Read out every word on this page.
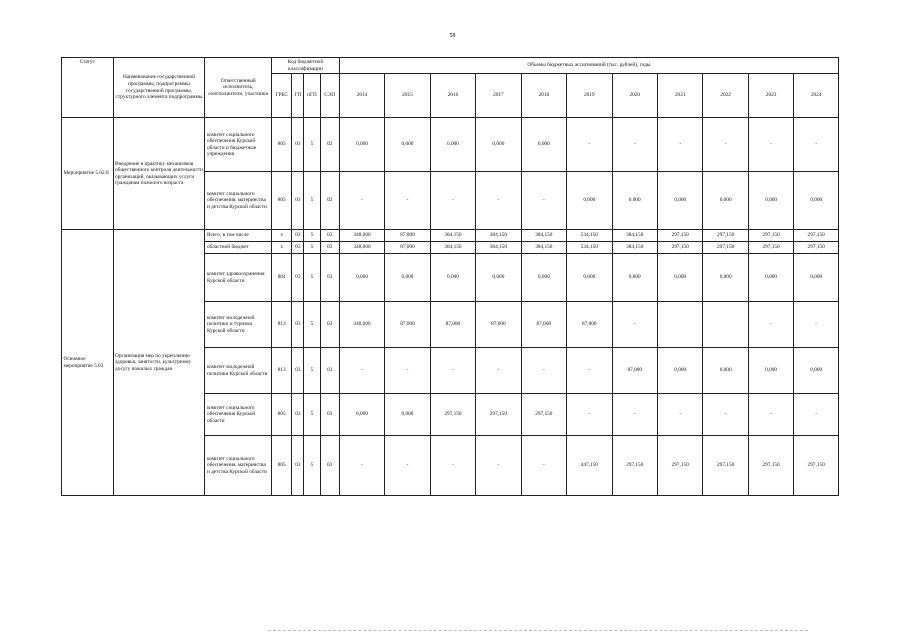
58
Статус	Наименование государственной программы, подпрограммы государственной программы, структурного элемента подпрограммы	Ответственный исполнитель, соисполнители, участники	Код бюджетной классификации				Объемы бюджетных ассигнований (тыс. рублей), годы										
			ГРБС	ГП	пГП	СЭП	2014	2015	2016	2017	2018	2019	2020	2021	2022	2023	2024
Мероприятие 5.02.8	Внедрение в практику механизмов общественного контроля деятельности организаций, оказывающих услуги гражданам пожилого возраста	комитет социального обеспечения Курской области и бюджетные учреждения	805	03	5	02	0,000	0,000	0,000	0,000	0,000	-	-	-	-	-	-
		комитет социального обеспечения, материнства и детства Курской области	805	03	5	02	-	-	-	-	-	0,000	0,000	0,000	0,000	0,000	0,000
Основное мероприятие 5.03	Организация мер по укреплению здоровья, занятости, культурному досугу пожилых граждан	Всего, в том числе	x	03	5	03	348,000	87,000	384,150	384,150	384,150	534,150	384,150	297,150	297,150	297,150	297,150
		областной бюджет	x	03	5	03	348,000	87,000	384,150	384,150	384,150	534,150	384,150	297,150	297,150	297,150	297,150
		комитет здравоохранения Курской области	804	03	5	03	0,000	0,000	0,000	0,000	0,000	0,000	0,000	0,000	0,000	0,000	0,000
		комитет молодежной политики и туризма Курской области	813	03	5	03	348,000	87,000	87,000	87,000	87,000	87,000	-			-	-
		комитет молодежной политики Курской области	813	03	5	03	-	-	-	-	-	-	87,000	0,000	0,000	0,000	0,000
		комитет социального обеспечения Курской области	805	03	5	03	0,000	0,000	297,150	297,150	297,150	-	-	-	-	-	-
		комитет социального обеспечения, материнства и детства Курской области	805	03	5	03	-	-	-	-	-	447,150	297,150	297,150	297,150	297,150	297,150
